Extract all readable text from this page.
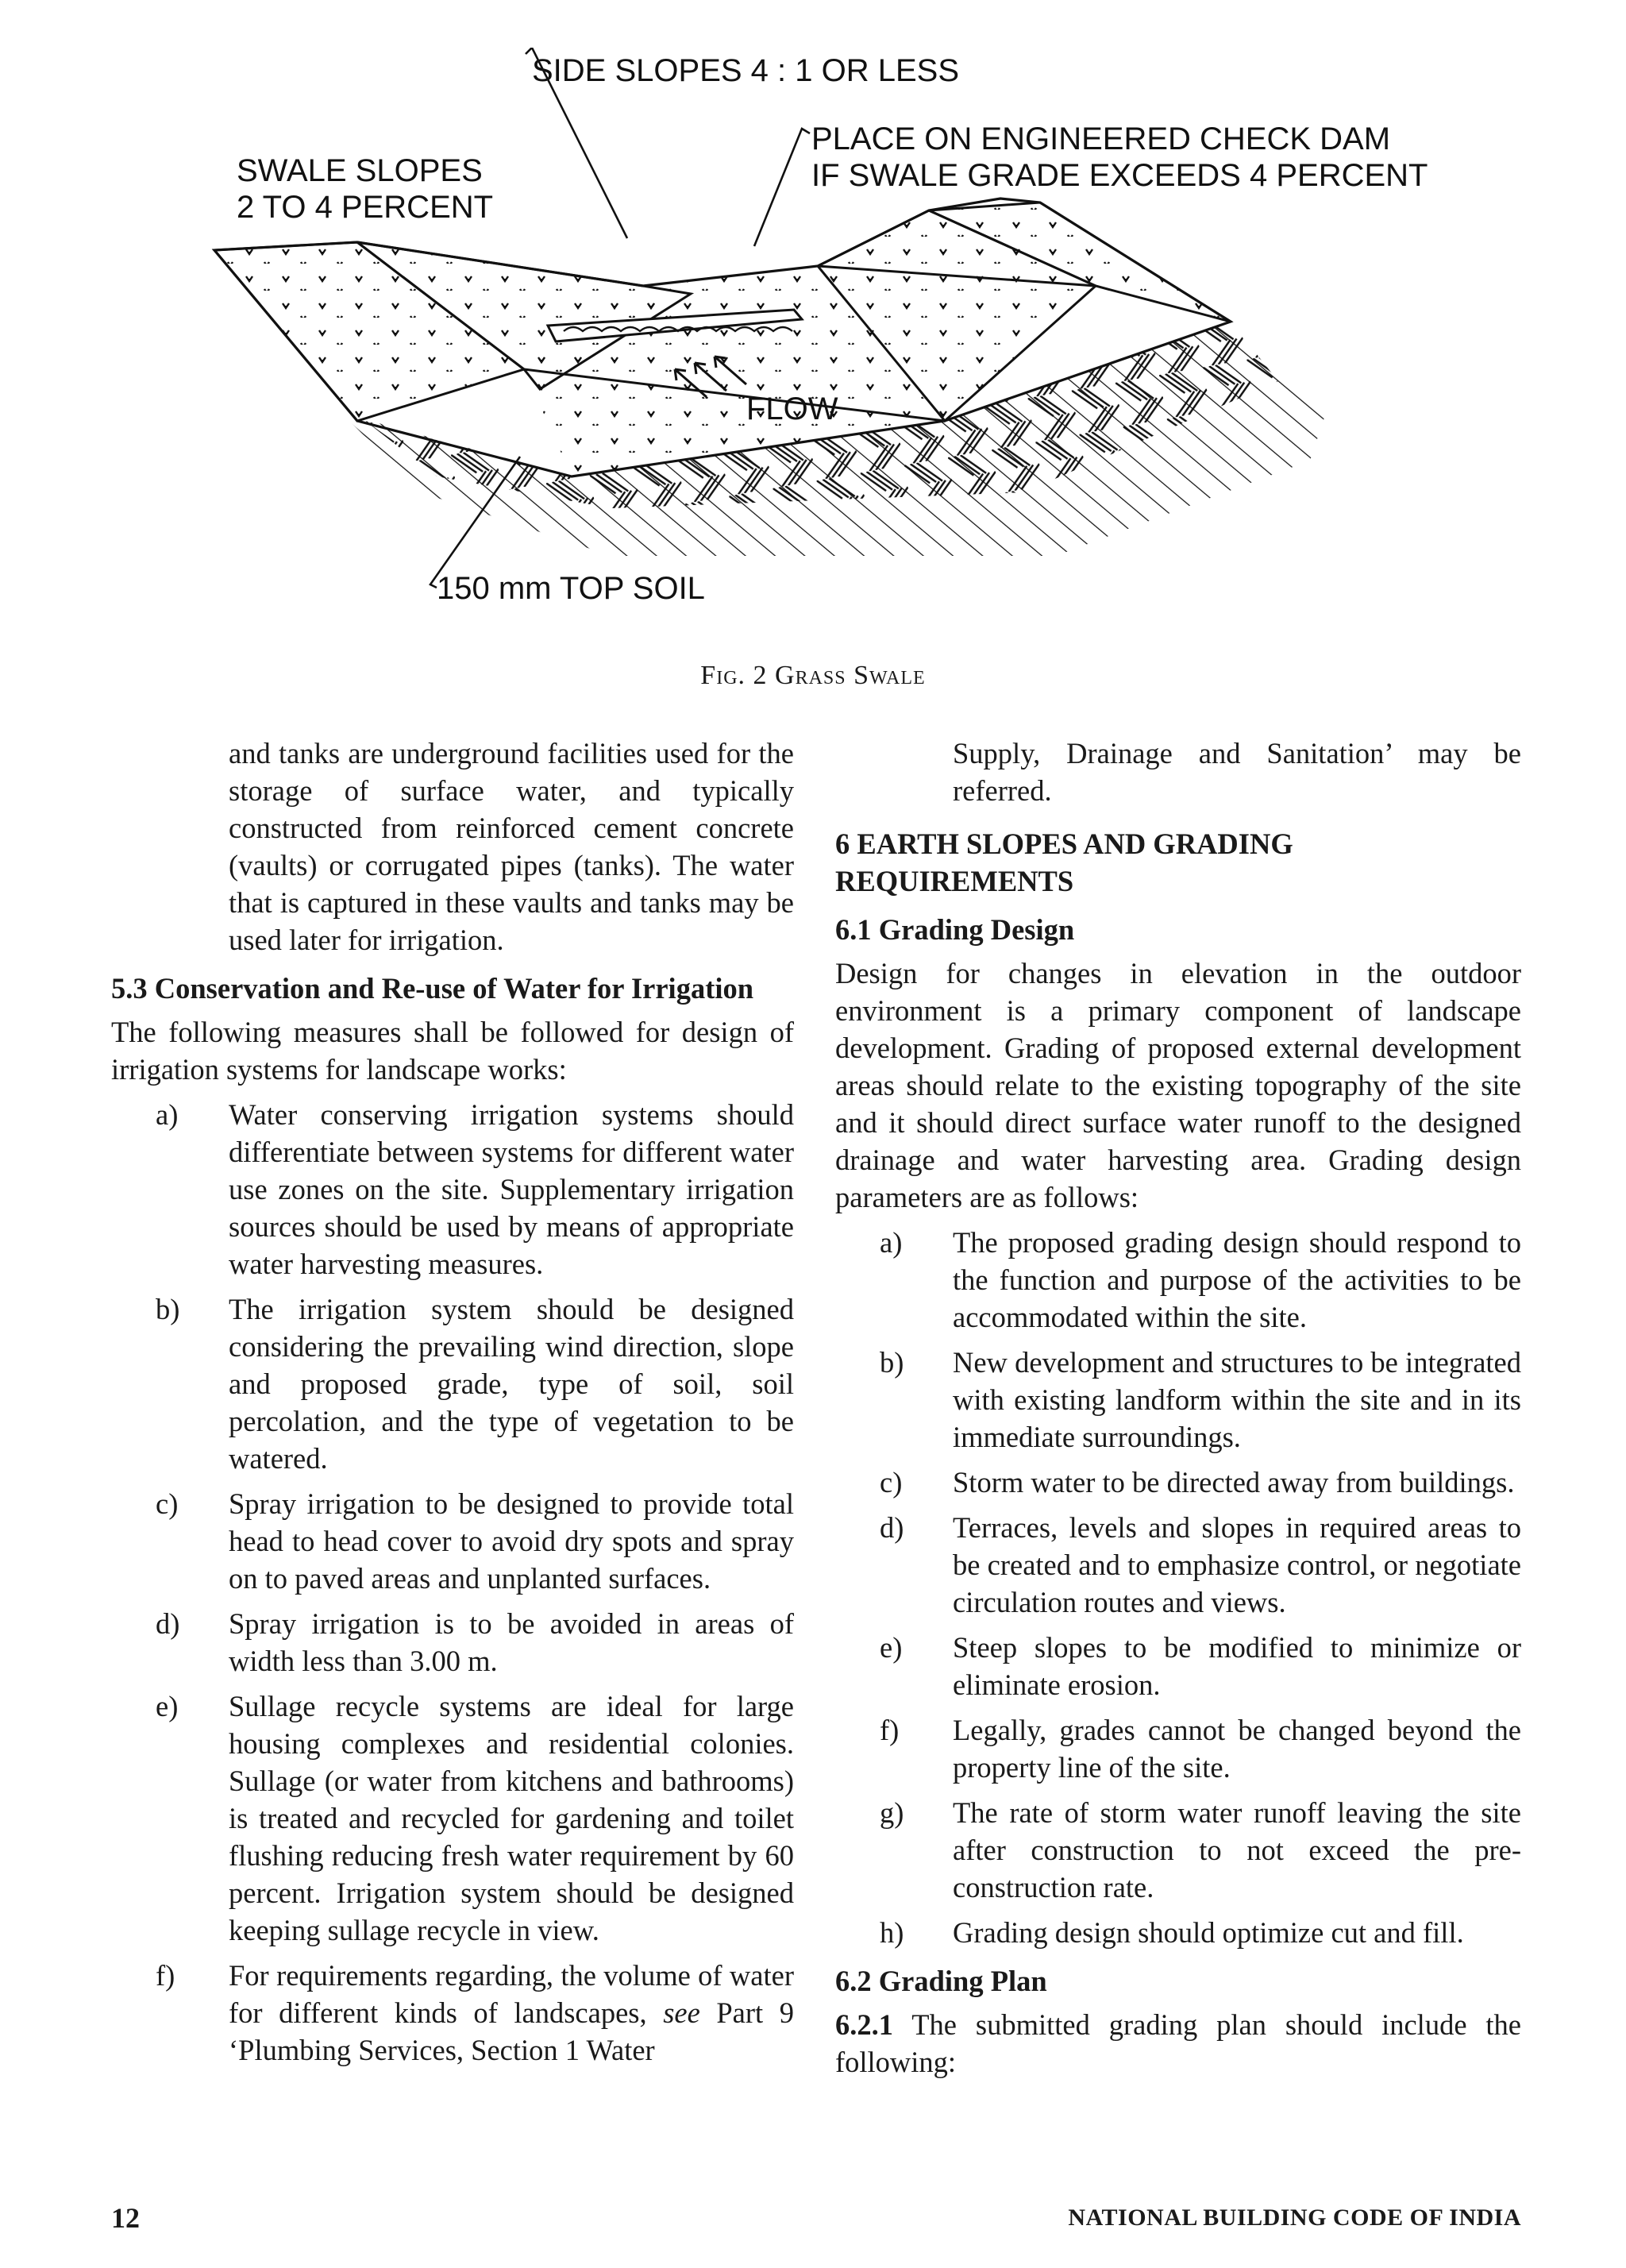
SIDE SLOPES 4 : 1 OR LESS
SWALE SLOPES
2 TO 4 PERCENT
PLACE ON ENGINEERED CHECK DAM
IF SWALE GRADE EXCEEDS 4 PERCENT
FLOW
150 mm TOP SOIL
Fig. 2 Grass Swale

and tanks are underground facilities used for the storage of surface water, and typically constructed from reinforced cement concrete (vaults) or corrugated pipes (tanks). The water that is captured in these vaults and tanks may be used later for irrigation.

5.3 Conservation and Re-use of Water for Irrigation

The following measures shall be followed for design of irrigation systems for landscape works:

a)	Water conserving irrigation systems should differentiate between systems for different water use zones on the site. Supplementary irrigation sources should be used by means of appropriate water harvesting measures.
b)	The irrigation system should be designed considering the prevailing wind direction, slope and proposed grade, type of soil, soil percolation, and the type of vegetation to be watered.
c)	Spray irrigation to be designed to provide total head to head cover to avoid dry spots and spray on to paved areas and unplanted surfaces.
d)	Spray irrigation is to be avoided in areas of width less than 3.00 m.
e)	Sullage recycle systems are ideal for large housing complexes and residential colonies. Sullage (or water from kitchens and bathrooms) is treated and recycled for gardening and toilet flushing reducing fresh water requirement by 60 percent. Irrigation system should be designed keeping sullage recycle in view.
f)	For requirements regarding, the volume of water for different kinds of landscapes, see Part 9 ‘Plumbing Services, Section 1 Water

Supply, Drainage and Sanitation’ may be referred.

6 EARTH SLOPES AND GRADING REQUIREMENTS
6.1 Grading Design

Design for changes in elevation in the outdoor environment is a primary component of landscape development. Grading of proposed external development areas should relate to the existing topography of the site and it should direct surface water runoff to the designed drainage and water harvesting area. Grading design parameters are as follows:

a)	The proposed grading design should respond to the function and purpose of the activities to be accommodated within the site.
b)	New development and structures to be integrated with existing landform within the site and in its immediate surroundings.
c)	Storm water to be directed away from buildings.
d)	Terraces, levels and slopes in required areas to be created and to emphasize control, or negotiate circulation routes and views.
e)	Steep slopes to be modified to minimize or eliminate erosion.
f)	Legally, grades cannot be changed beyond the property line of the site.
g)	The rate of storm water runoff leaving the site after construction to not exceed the pre-construction rate.
h)	Grading design should optimize cut and fill.
6.2 Grading Plan

6.2.1 The submitted grading plan should include the following:

12	NATIONAL BUILDING CODE OF INDIA
